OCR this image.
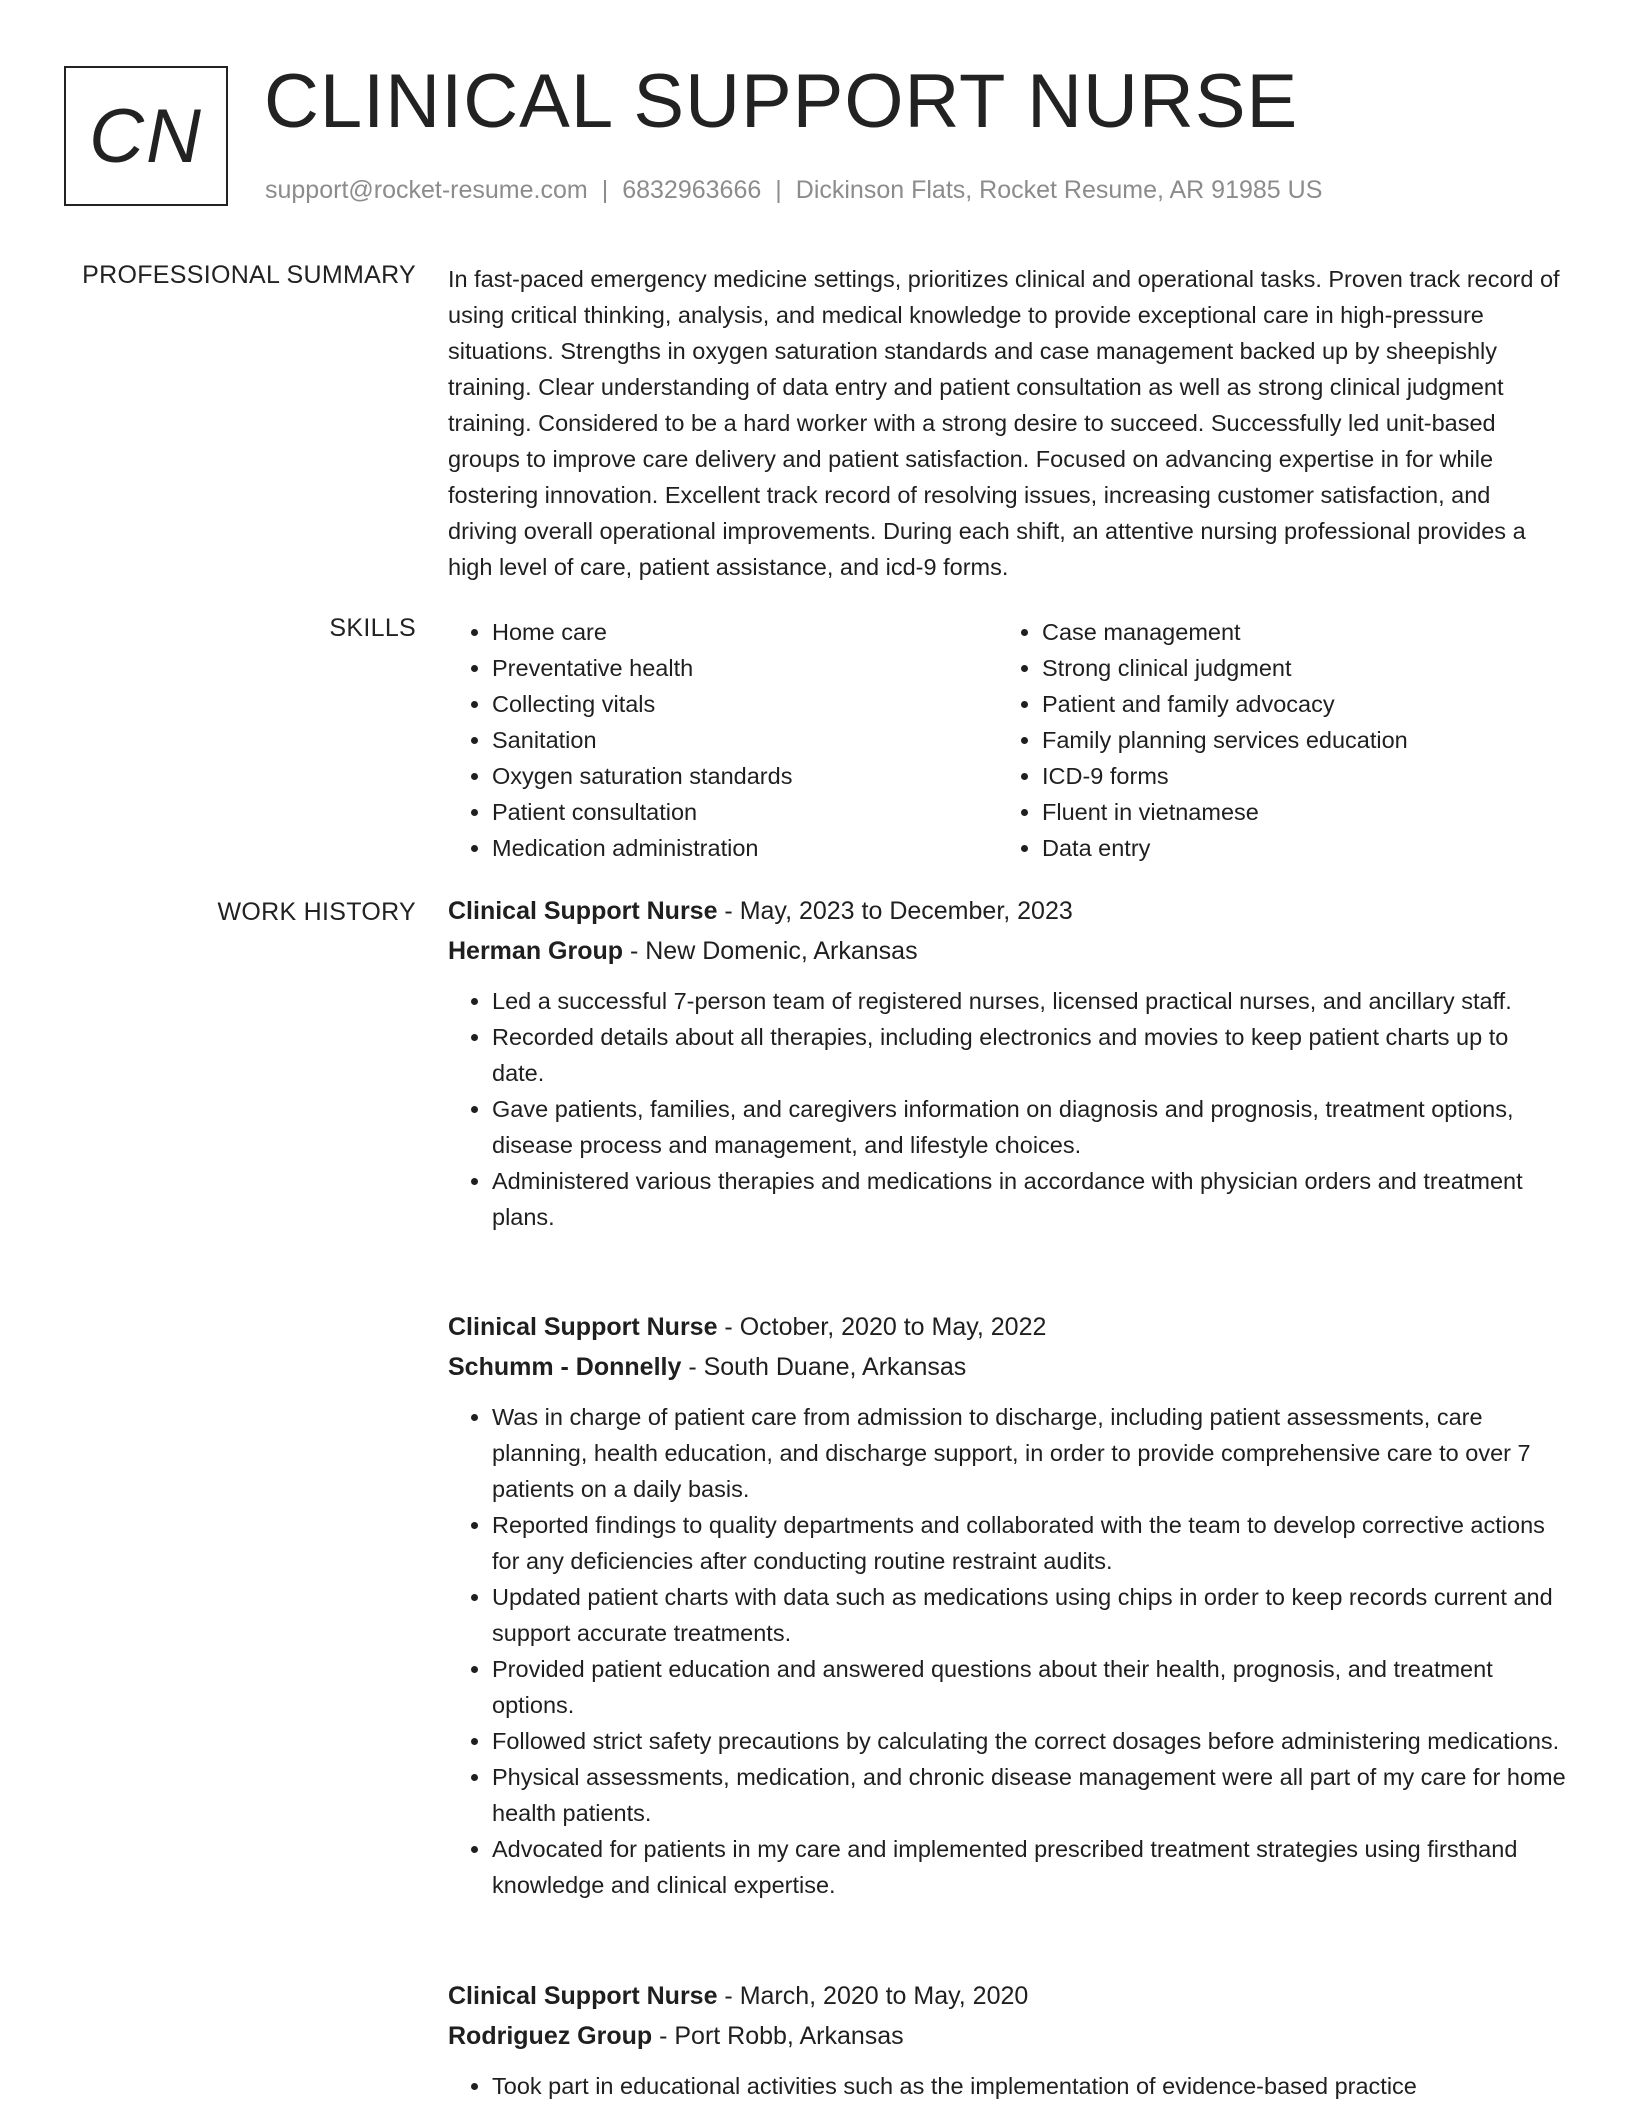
CN CLINICAL SUPPORT NURSE
support@rocket-resume.com | 6832963666 | Dickinson Flats, Rocket Resume, AR 91985 US
PROFESSIONAL SUMMARY In fast-paced emergency medicine settings, prioritizes clinical and operational tasks. Proven track record of using critical thinking, analysis, and medical knowledge to provide exceptional care in high-pressure situations. Strengths in oxygen saturation standards and case management backed up by sheepishly training. Clear understanding of data entry and patient consultation as well as strong clinical judgment training. Considered to be a hard worker with a strong desire to succeed. Successfully led unit-based groups to improve care delivery and patient satisfaction. Focused on advancing expertise in for while fostering innovation. Excellent track record of resolving issues, increasing customer satisfaction, and driving overall operational improvements. During each shift, an attentive nursing professional provides a high level of care, patient assistance, and icd-9 forms.

SKILLS
•	Home care
• Preventative health
• Collecting vitals
• Sanitation
• Oxygen saturation standards
• Patient consultation
• Medication administration
• Case management
• Strong clinical judgment
• Patient and family advocacy
• Family planning services education
• ICD-9 forms
• Fluent in vietnamese
• Data entry
WORK HISTORY Clinical Support Nurse - May, 2023 to December, 2023
Herman Group - New Domenic, Arkansas
• Led a successful 7-person team of registered nurses, licensed practical nurses, and ancillary staff.
• Recorded details about all therapies, including electronics and movies to keep patient charts up to date.
• Gave patients, families, and caregivers information on diagnosis and prognosis, treatment options, disease process and management, and lifestyle choices.
• Administered various therapies and medications in accordance with physician orders and treatment plans.
Clinical Support Nurse - October, 2020 to May, 2022
Schumm - Donnelly - South Duane, Arkansas
• Was in charge of patient care from admission to discharge, including patient assessments, care planning, health education, and discharge support, in order to provide comprehensive care to over 7 patients on a daily basis.
• Reported findings to quality departments and collaborated with the team to develop corrective actions for any deficiencies after conducting routine restraint audits.
• Updated patient charts with data such as medications using chips in order to keep records current and support accurate treatments.
• Provided patient education and answered questions about their health, prognosis, and treatment options.
• Followed strict safety precautions by calculating the correct dosages before administering medications.
• Physical assessments, medication, and chronic disease management were all part of my care for home health patients.
• Advocated for patients in my care and implemented prescribed treatment strategies using firsthand knowledge and clinical expertise.
Clinical Support Nurse - March, 2020 to May, 2020
Rodriguez Group - Port Robb, Arkansas
• Took part in educational activities such as the implementation of evidence-based practice
